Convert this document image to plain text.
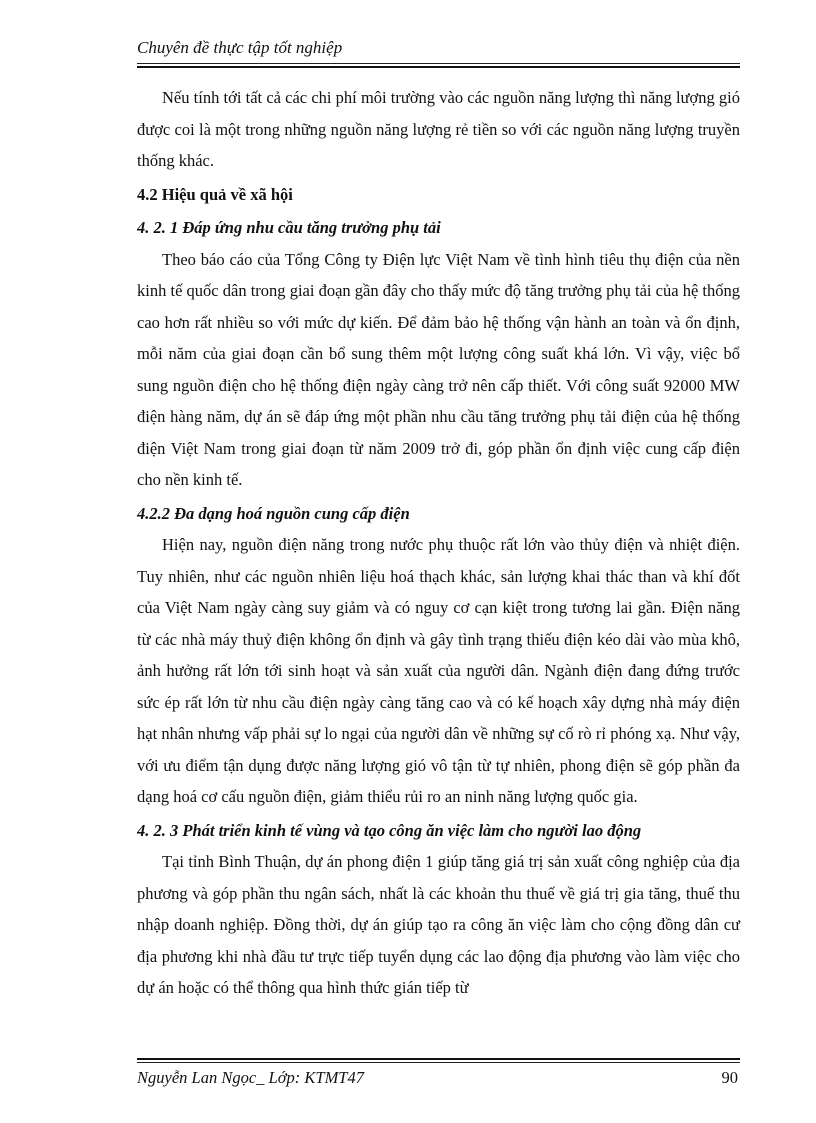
Chuyên đề thực tập tốt nghiệp

Nếu tính tới tất cả các chi phí môi trường vào các nguồn năng lượng thì năng lượng gió được coi là một trong những nguồn năng lượng rẻ tiền so với các nguồn năng lượng truyền thống khác.

4.2 Hiệu quả về xã hội
4. 2. 1 Đáp ứng nhu cầu tăng trưởng phụ tải

Theo báo cáo của Tổng Công ty Điện lực Việt Nam về tình hình tiêu thụ điện của nền kinh tế quốc dân trong giai đoạn gần đây cho thấy mức độ tăng trưởng phụ tải của hệ thống cao hơn rất nhiều so với mức dự kiến. Để đảm bảo hệ thống vận hành an toàn và ổn định, mỗi năm của giai đoạn cần bổ sung thêm một lượng công suất khá lớn. Vì vậy, việc bổ sung nguồn điện cho hệ thống điện ngày càng trở nên cấp thiết. Với công suất 92000 MW điện hàng năm, dự án sẽ đáp ứng một phần nhu cầu tăng trưởng phụ tải điện của hệ thống điện Việt Nam trong giai đoạn từ năm 2009 trở đi, góp phần ổn định việc cung cấp điện cho nền kinh tế.

4.2.2 Đa dạng hoá nguồn cung cấp điện

Hiện nay, nguồn điện năng trong nước phụ thuộc rất lớn vào thủy điện và nhiệt điện. Tuy nhiên, như các nguồn nhiên liệu hoá thạch khác, sản lượng khai thác than và khí đốt của Việt Nam ngày càng suy giảm và có nguy cơ cạn kiệt trong tương lai gần. Điện năng từ các nhà máy thuỷ điện không ổn định và gây tình trạng thiếu điện kéo dài vào mùa khô, ảnh hưởng rất lớn tới sinh hoạt và sản xuất của người dân. Ngành điện đang đứng trước sức ép rất lớn từ nhu cầu điện ngày càng tăng cao và có kế hoạch xây dựng nhà máy điện hạt nhân nhưng vấp phải sự lo ngại của người dân về những sự cố rò rỉ phóng xạ. Như vậy, với ưu điểm tận dụng được năng lượng gió vô tận từ tự nhiên, phong điện sẽ góp phần đa dạng hoá cơ cấu nguồn điện, giảm thiểu rủi ro an ninh năng lượng quốc gia.

4. 2. 3 Phát triển kinh tế vùng và tạo công ăn việc làm cho người lao động

Tại tỉnh Bình Thuận, dự án phong điện 1 giúp tăng giá trị sản xuất công nghiệp của địa phương và góp phần thu ngân sách, nhất là các khoản thu thuế về giá trị gia tăng, thuế thu nhập doanh nghiệp. Đồng thời, dự án giúp tạo ra công ăn việc làm cho cộng đồng dân cư địa phương khi nhà đầu tư trực tiếp tuyển dụng các lao động địa phương vào làm việc cho dự án hoặc có thể thông qua hình thức gián tiếp từ

Nguyễn Lan Ngọc_ Lớp: KTMT47	90
